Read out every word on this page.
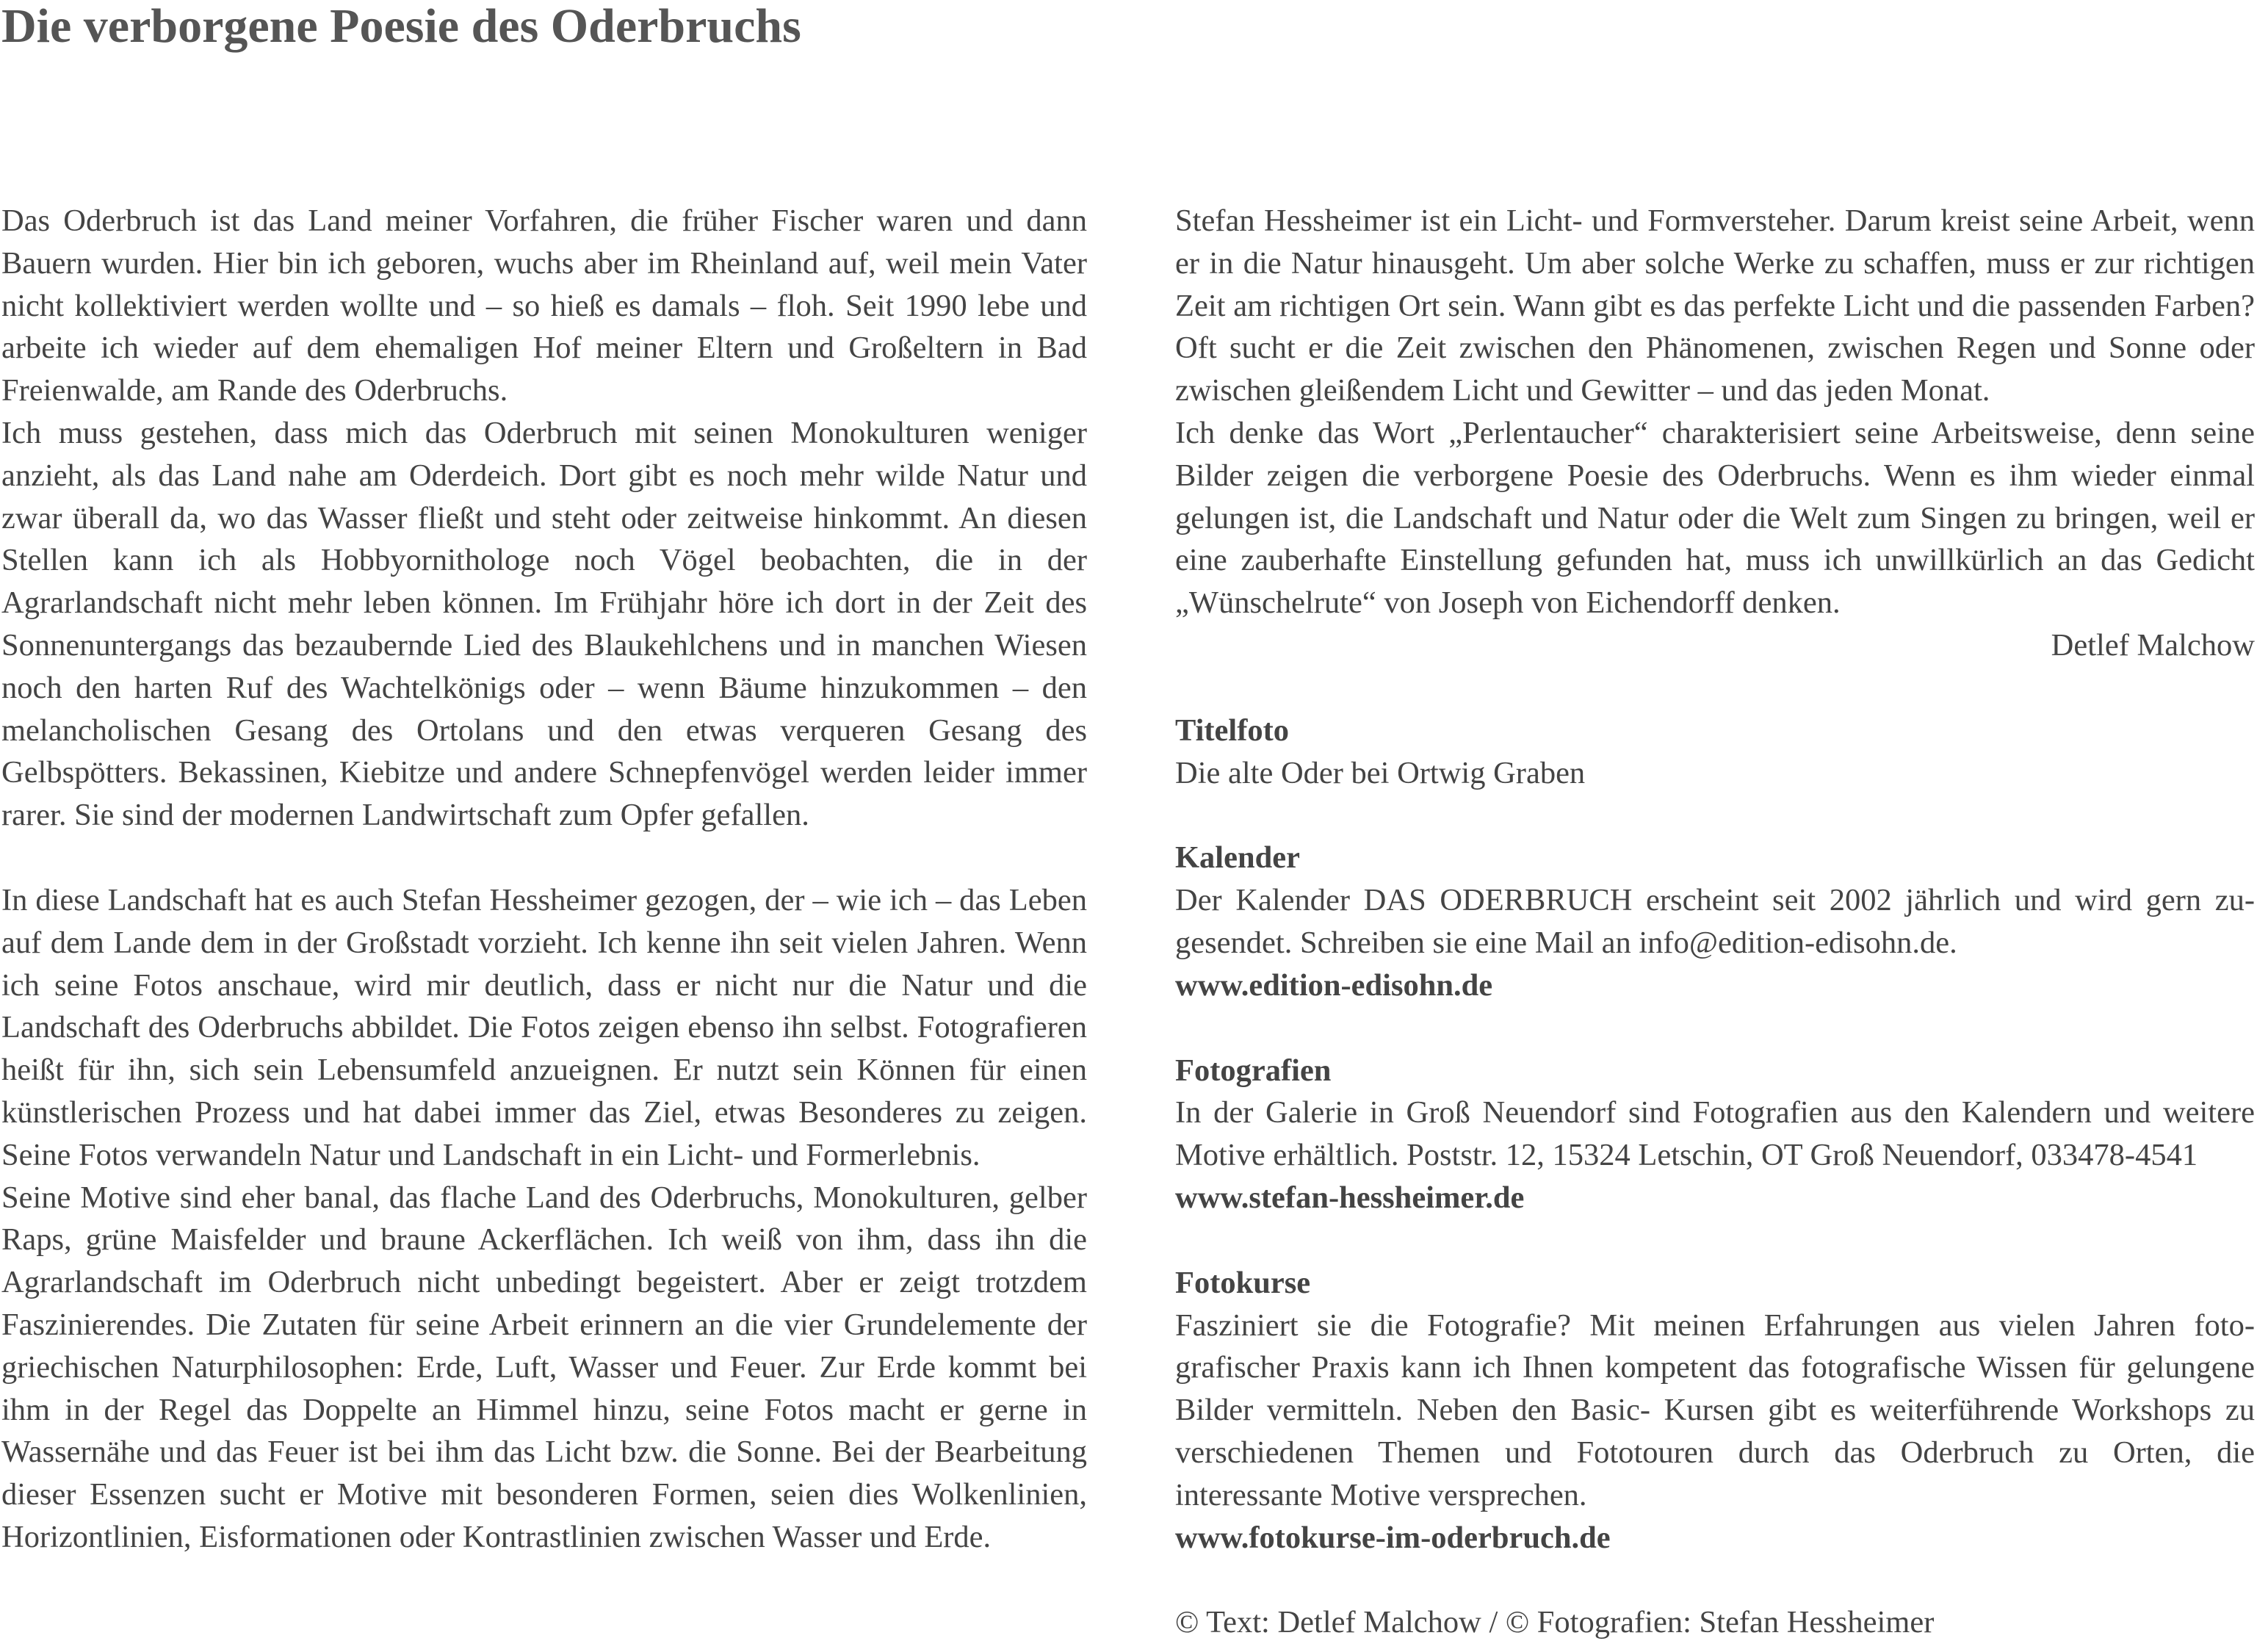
Die verborgene Poesie des Oderbruchs

Das Oderbruch ist das Land meiner Vorfahren, die früher Fischer waren und dann Bauern wurden. Hier bin ich geboren, wuchs aber im Rheinland auf, weil mein Vater nicht kollektiviert werden wollte und – so hieß es damals – floh. Seit 1990 lebe und arbeite ich wieder auf dem ehemaligen Hof meiner Eltern und Großeltern in Bad Freienwalde, am Rande des Oderbruchs.

Ich muss gestehen, dass mich das Oderbruch mit seinen Monokulturen weniger anzieht, als das Land nahe am Oderdeich. Dort gibt es noch mehr wilde Natur und zwar überall da, wo das Wasser fließt und steht oder zeitweise hinkommt. An diesen Stellen kann ich als Hobbyornithologe noch Vögel beobachten, die in der Agrarlandschaft nicht mehr leben können. Im Frühjahr höre ich dort in der Zeit des Sonnenuntergangs das bezaubernde Lied des Blaukehlchens und in manchen Wiesen noch den harten Ruf des Wachtelkönigs oder – wenn Bäume hinzukommen – den melancholischen Gesang des Ortolans und den etwas verqueren Gesang des Gelbspötters. Bekassinen, Kiebitze und andere Schnepfenvögel werden leider immer rarer. Sie sind der modernen Landwirtschaft zum Opfer gefallen.

In diese Landschaft hat es auch Stefan Hessheimer gezogen, der – wie ich – das Leben auf dem Lande dem in der Großstadt vorzieht. Ich kenne ihn seit vielen Jahren. Wenn ich seine Fotos anschaue, wird mir deutlich, dass er nicht nur die Natur und die Landschaft des Oderbruchs abbildet. Die Fotos zeigen ebenso ihn selbst. Fotografieren heißt für ihn, sich sein Lebensumfeld anzueignen. Er nutzt sein Können für einen künstlerischen Prozess und hat dabei immer das Ziel, etwas Besonderes zu zeigen. Seine Fotos verwandeln Natur und Landschaft in ein Licht- und Formerlebnis.

Seine Motive sind eher banal, das flache Land des Oderbruchs, Monokulturen, gelber Raps, grüne Maisfelder und braune Ackerflächen. Ich weiß von ihm, dass ihn die Agrarlandschaft im Oderbruch nicht unbedingt begeistert. Aber er zeigt trotzdem Faszinierendes. Die Zutaten für seine Arbeit erinnern an die vier Grundelemente der griechischen Naturphilosophen: Erde, Luft, Wasser und Feuer. Zur Erde kommt bei ihm in der Regel das Doppelte an Himmel hinzu, seine Fotos macht er gerne in Wassernähe und das Feuer ist bei ihm das Licht bzw. die Sonne. Bei der Bearbeitung dieser Essenzen sucht er Motive mit besonderen Formen, seien dies Wolkenlinien, Horizontlinien, Eisformationen oder Kontrastlinien zwischen Wasser und Erde.

Stefan Hessheimer ist ein Licht- und Formversteher. Darum kreist seine Arbeit, wenn er in die Natur hinausgeht. Um aber solche Werke zu schaffen, muss er zur richtigen Zeit am richtigen Ort sein. Wann gibt es das perfekte Licht und die passenden Farben? Oft sucht er die Zeit zwischen den Phänomenen, zwischen Regen und Sonne oder zwischen gleißendem Licht und Gewitter – und das jeden Monat.

Ich denke das Wort „Perlentaucher“ charakterisiert seine Arbeitsweise, denn seine Bilder zeigen die verborgene Poesie des Oderbruchs. Wenn es ihm wieder einmal gelungen ist, die Landschaft und Natur oder die Welt zum Singen zu bringen, weil er eine zauberhafte Einstellung gefunden hat, muss ich unwillkürlich an das Gedicht „Wünschelrute“ von Joseph von Eichendorff denken.

Detlef Malchow

Titelfoto

Die alte Oder bei Ortwig Graben

Kalender

Der Kalender DAS ODERBRUCH erscheint seit 2002 jährlich und wird gern zugesendet. Schreiben sie eine Mail an info@edition-edisohn.de.

www.edition-edisohn.de

Fotografien

In der Galerie in Groß Neuendorf sind Fotografien aus den Kalendern und weitere Motive erhältlich. Poststr. 12, 15324 Letschin, OT Groß Neuendorf, 033478-4541

www.stefan-hessheimer.de

Fotokurse

Fasziniert sie die Fotografie? Mit meinen Erfahrungen aus vielen Jahren fotografischer Praxis kann ich Ihnen kompetent das fotografische Wissen für gelungene Bilder vermitteln. Neben den Basic- Kursen gibt es weiterführende Workshops zu verschiedenen Themen und Fototouren durch das Oderbruch zu Orten, die interessante Motive versprechen.

www.fotokurse-im-oderbruch.de

© Text: Detlef Malchow / © Fotografien: Stefan Hessheimer
